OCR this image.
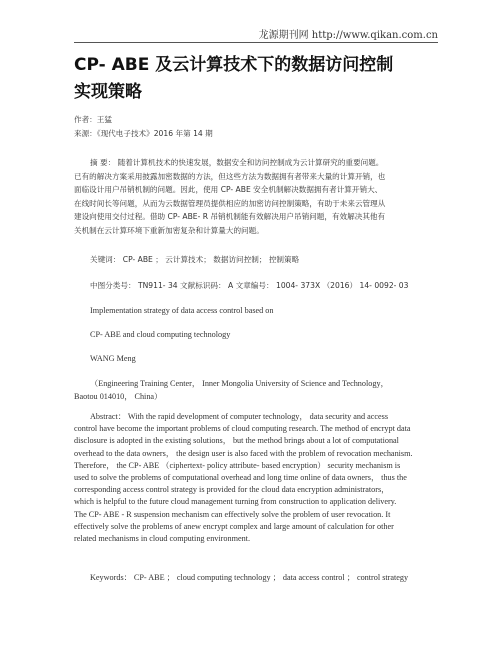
龙源期刊网 http://www.qikan.com.cn
CP- ABE 及云计算技术下的数据访问控制
实现策略
作者：王猛
来源：《现代电子技术》2016 年第 14 期
摘 要： 随着计算机技术的快速发展，数据安全和访问控制成为云计算研究的重要问题。
已有的解决方案采用披露加密数据的方法，但这些方法为数据拥有者带来大量的计算开销，也
面临设计用户吊销机制的问题。因此，使用 CP- ABE 安全机制解决数据拥有者计算开销大、
在线时间长等问题，从而为云数据管理员提供相应的加密访问控制策略，有助于未来云管理从
建设向使用交付过程。借助 CP- ABE- R 吊销机制能有效解决用户吊销问题，有效解决其他有
关机制在云计算环境下重新加密复杂和计算量大的问题。
关键词： CP- ABE ； 云计算技术； 数据访问控制； 控制策略
中图分类号： TN911- 34 文献标识码： A 文章编号： 1004- 373X （2016） 14- 0092- 03
Implementation strategy of data access control based on
CP- ABE and cloud computing technology
WANG Meng
（Engineering Training Center， Inner Mongolia University of Science and Technology，
Baotou 014010， China）
Abstract： With the rapid development of computer technology， data security and access
control have become the important problems of cloud computing research. The method of encrypt data
disclosure is adopted in the existing solutions， but the method brings about a lot of computational
overhead to the data owners， the design user is also faced with the problem of revocation mechanism.
Therefore， the CP- ABE （ciphertext- policy attribute- based encryption） security mechanism is
used to solve the problems of computational overhead and long time online of data owners， thus the
corresponding access control strategy is provided for the cloud data encryption administrators，
which is helpful to the future cloud management turning from construction to application delivery.
The CP- ABE - R suspension mechanism can effectively solve the problem of user revocation. It
effectively solve the problems of anew encrypt complex and large amount of calculation for other
related mechanisms in cloud computing environment.
Keywords： CP- ABE ； cloud computing technology ； data access control ； control strategy
